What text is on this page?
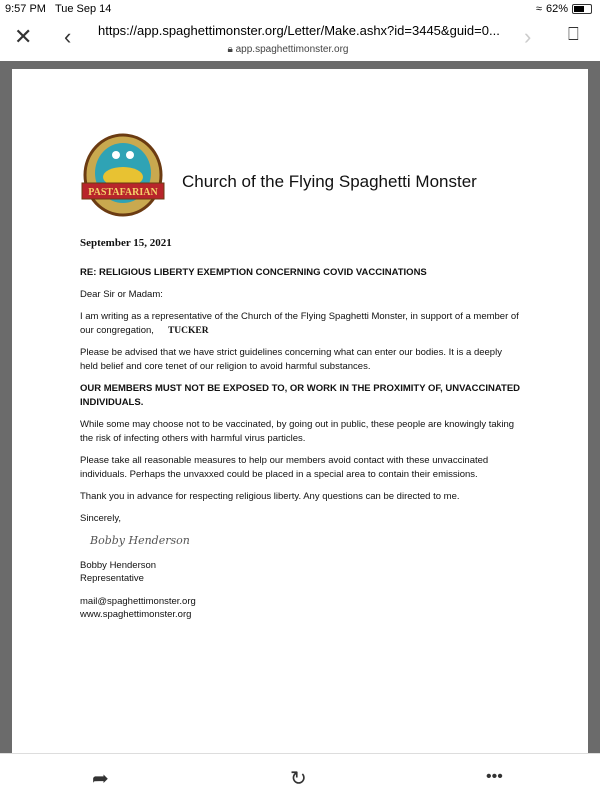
9:57 PM Tue Sep 14	≈ 62%
✕ ‹ https://app.spaghettimonster.org/Letter/Make.ashx?id=3445&guid=0...
🔒︎ app.spaghettimonster.org
› ⎕
PASTAFARIAN
Church of the Flying Spaghetti Monster
September 15, 2021

RE: RELIGIOUS LIBERTY EXEMPTION CONCERNING COVID VACCINATIONS

Dear Sir or Madam:

I am writing as a representative of the Church of the Flying Spaghetti Monster, in support of a member of our congregation, TUCKER

Please be advised that we have strict guidelines concerning what can enter our bodies. It is a deeply held belief and core tenet of our religion to avoid harmful substances.

OUR MEMBERS MUST NOT BE EXPOSED TO, OR WORK IN THE PROXIMITY OF, UNVACCINATED INDIVIDUALS.

While some may choose not to be vaccinated, by going out in public, these people are knowingly taking the risk of infecting others with harmful virus particles.

Please take all reasonable measures to help our members avoid contact with these unvaccinated individuals. Perhaps the unvaxxed could be placed in a special area to contain their emissions.

Thank you in advance for respecting religious liberty. Any questions can be directed to me.

Sincerely,

Bobby Henderson
Bobby Henderson
Representative
mail@spaghettimonster.org
www.spaghettimonster.org
➦	↻	•••
